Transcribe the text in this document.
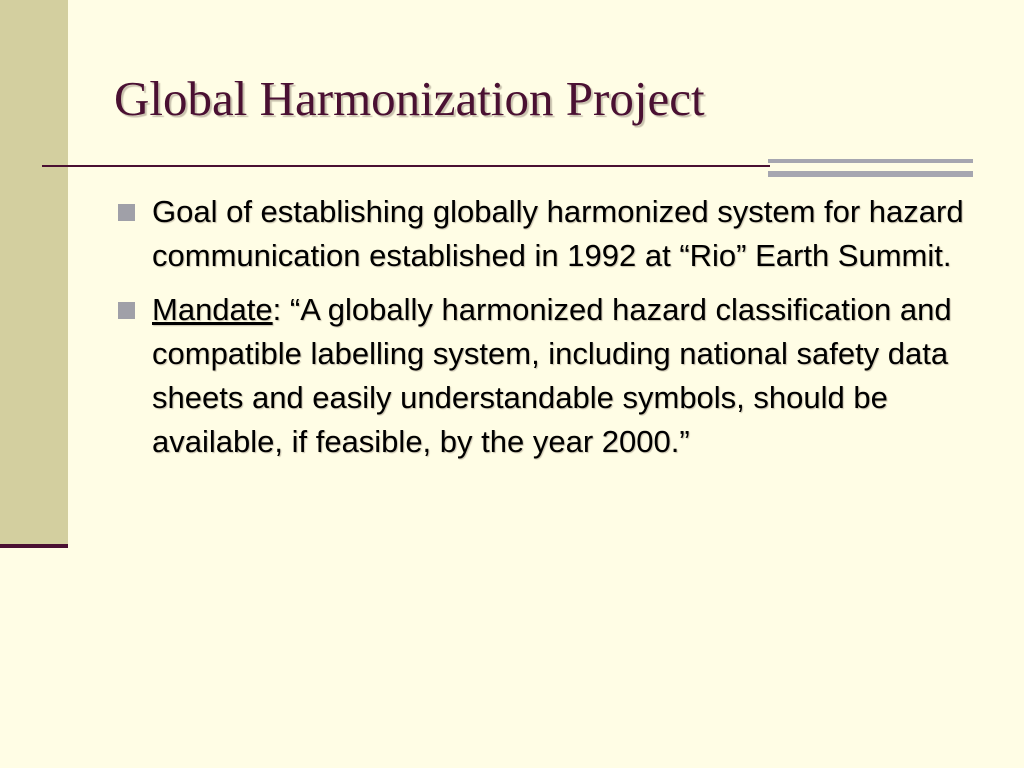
Global Harmonization Project
Goal of establishing globally harmonized system for hazard communication established in 1992 at “Rio” Earth Summit.
Mandate: “A globally harmonized hazard classification and compatible labelling system, including national safety data sheets and easily understandable symbols, should be available, if feasible, by the year 2000.”
